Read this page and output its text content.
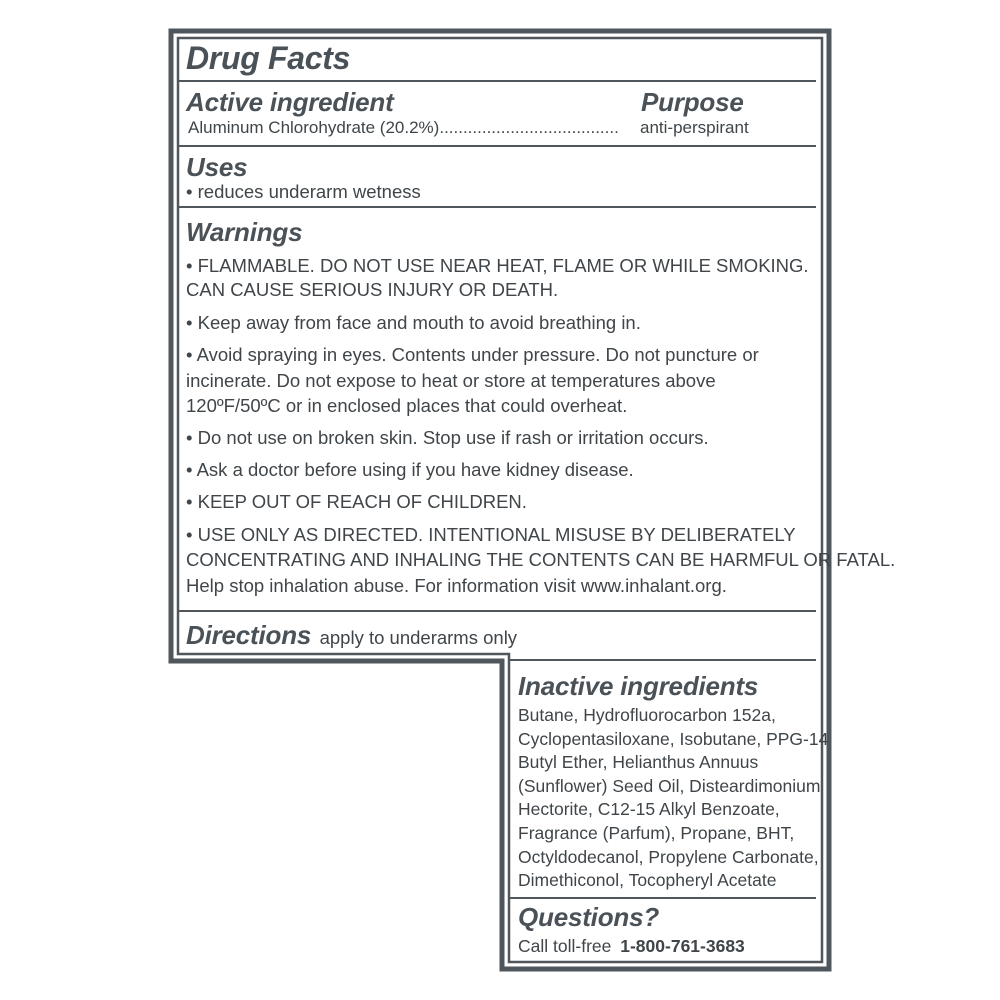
Drug Facts
Active ingredient	Purpose
Aluminum Chlorohydrate (20.2%)...................................... anti-perspirant
Uses
• reduces underarm wetness
Warnings
• FLAMMABLE. DO NOT USE NEAR HEAT, FLAME OR WHILE SMOKING.
CAN CAUSE SERIOUS INJURY OR DEATH.
• Keep away from face and mouth to avoid breathing in.
• Avoid spraying in eyes. Contents under pressure. Do not puncture or
incinerate. Do not expose to heat or store at temperatures above
120ºF/50ºC or in enclosed places that could overheat.
• Do not use on broken skin. Stop use if rash or irritation occurs.
• Ask a doctor before using if you have kidney disease.
• KEEP OUT OF REACH OF CHILDREN.
• USE ONLY AS DIRECTED. INTENTIONAL MISUSE BY DELIBERATELY
CONCENTRATING AND INHALING THE CONTENTS CAN BE HARMFUL OR FATAL.
Help stop inhalation abuse. For information visit www.inhalant.org.
Directions apply to underarms only
Inactive ingredients
Butane, Hydrofluorocarbon 152a,
Cyclopentasiloxane, Isobutane, PPG-14
Butyl Ether, Helianthus Annuus
(Sunflower) Seed Oil, Disteardimonium
Hectorite, C12-15 Alkyl Benzoate,
Fragrance (Parfum), Propane, BHT,
Octyldodecanol, Propylene Carbonate,
Dimethiconol, Tocopheryl Acetate
Questions?
Call toll-free 1-800-761-3683
